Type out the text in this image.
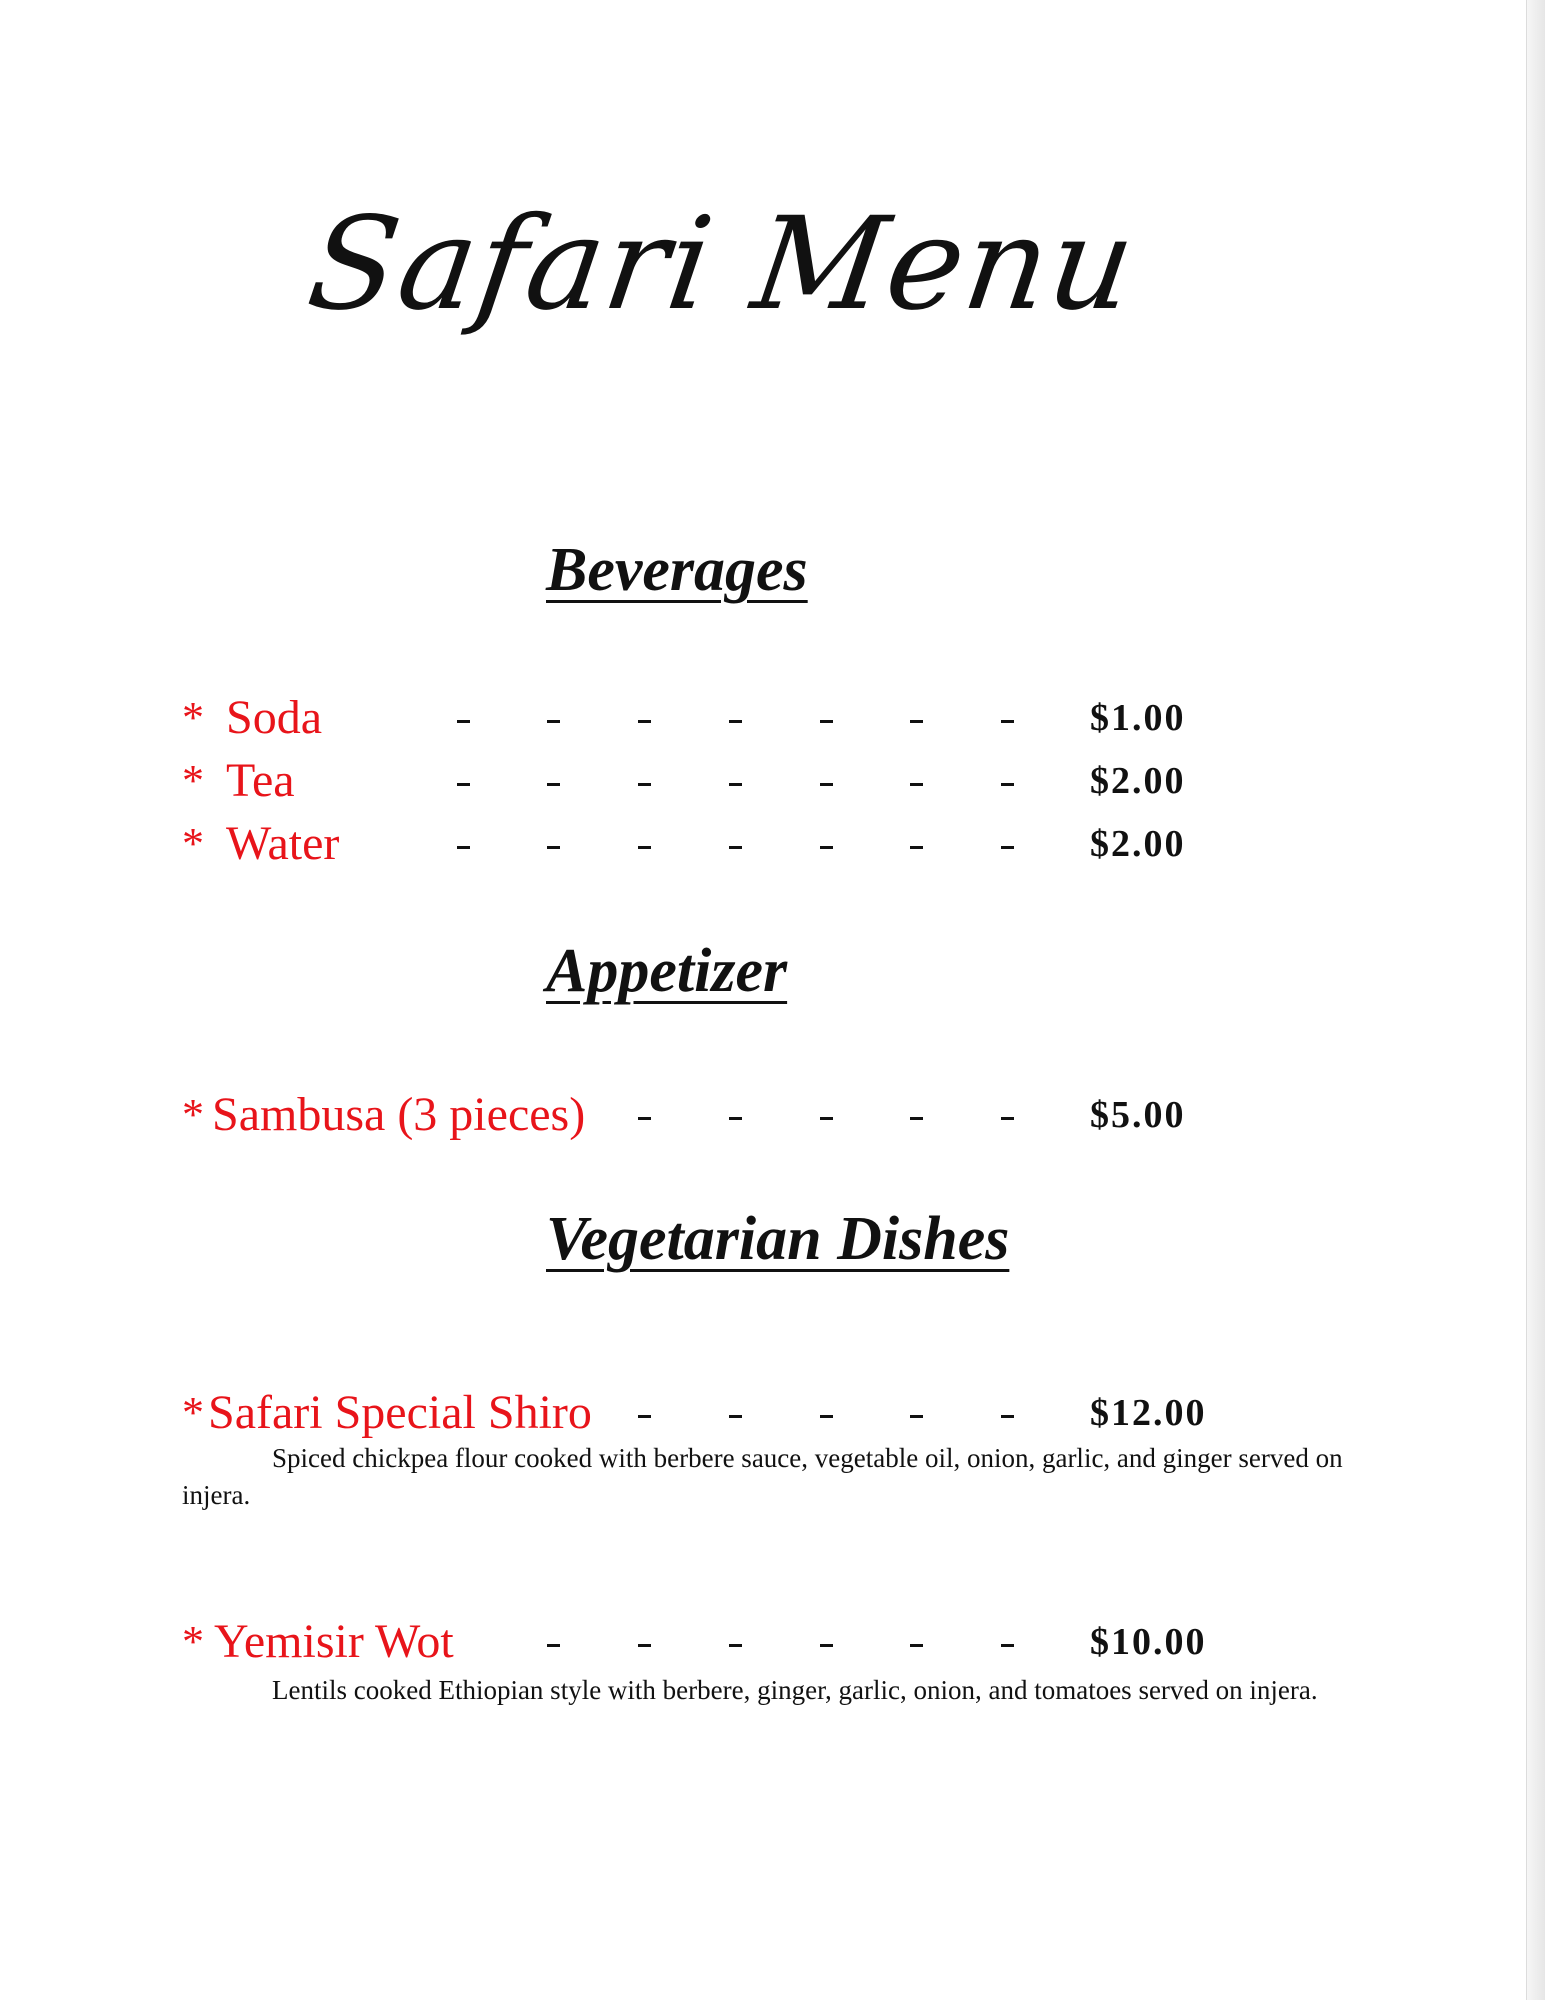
Safari Menu
Beverages
* Soda	$1.00
* Tea	$2.00
* Water	$2.00
Appetizer
* Sambusa (3 pieces)	$5.00
Vegetarian Dishes
* Safari Special Shiro	$12.00

Spiced chickpea flour cooked with berbere sauce, vegetable oil, onion, garlic, and ginger served on injera.

* Yemisir Wot	$10.00

Lentils cooked Ethiopian style with berbere, ginger, garlic, onion, and tomatoes served on injera.
